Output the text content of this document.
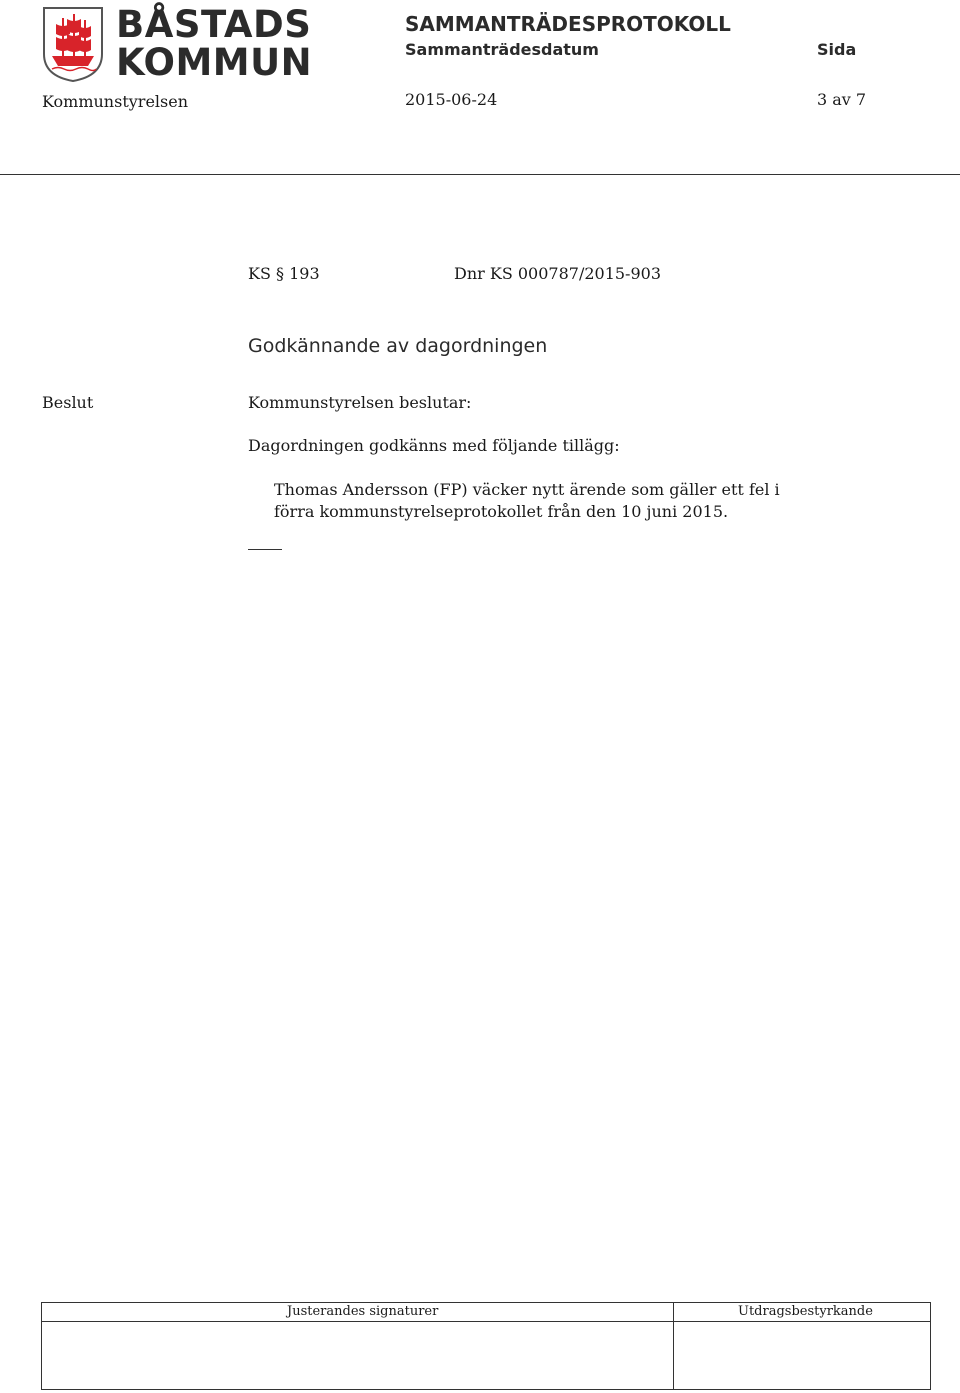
BÅSTADS
KOMMUN
SAMMANTRÄDESPROTOKOLL
Sammanträdesdatum	Sida
Kommunstyrelsen	2015-06-24	3 av 7
KS § 193	Dnr KS 000787/2015-903
Godkännande av dagordningen
Beslut	Kommunstyrelsen beslutar:
Dagordningen godkänns med följande tillägg:
Thomas Andersson (FP) väcker nytt ärende som gäller ett fel i förra kommunstyrelseprotokollet från den 10 juni 2015.
Justerandes signaturer	Utdragsbestyrkande
